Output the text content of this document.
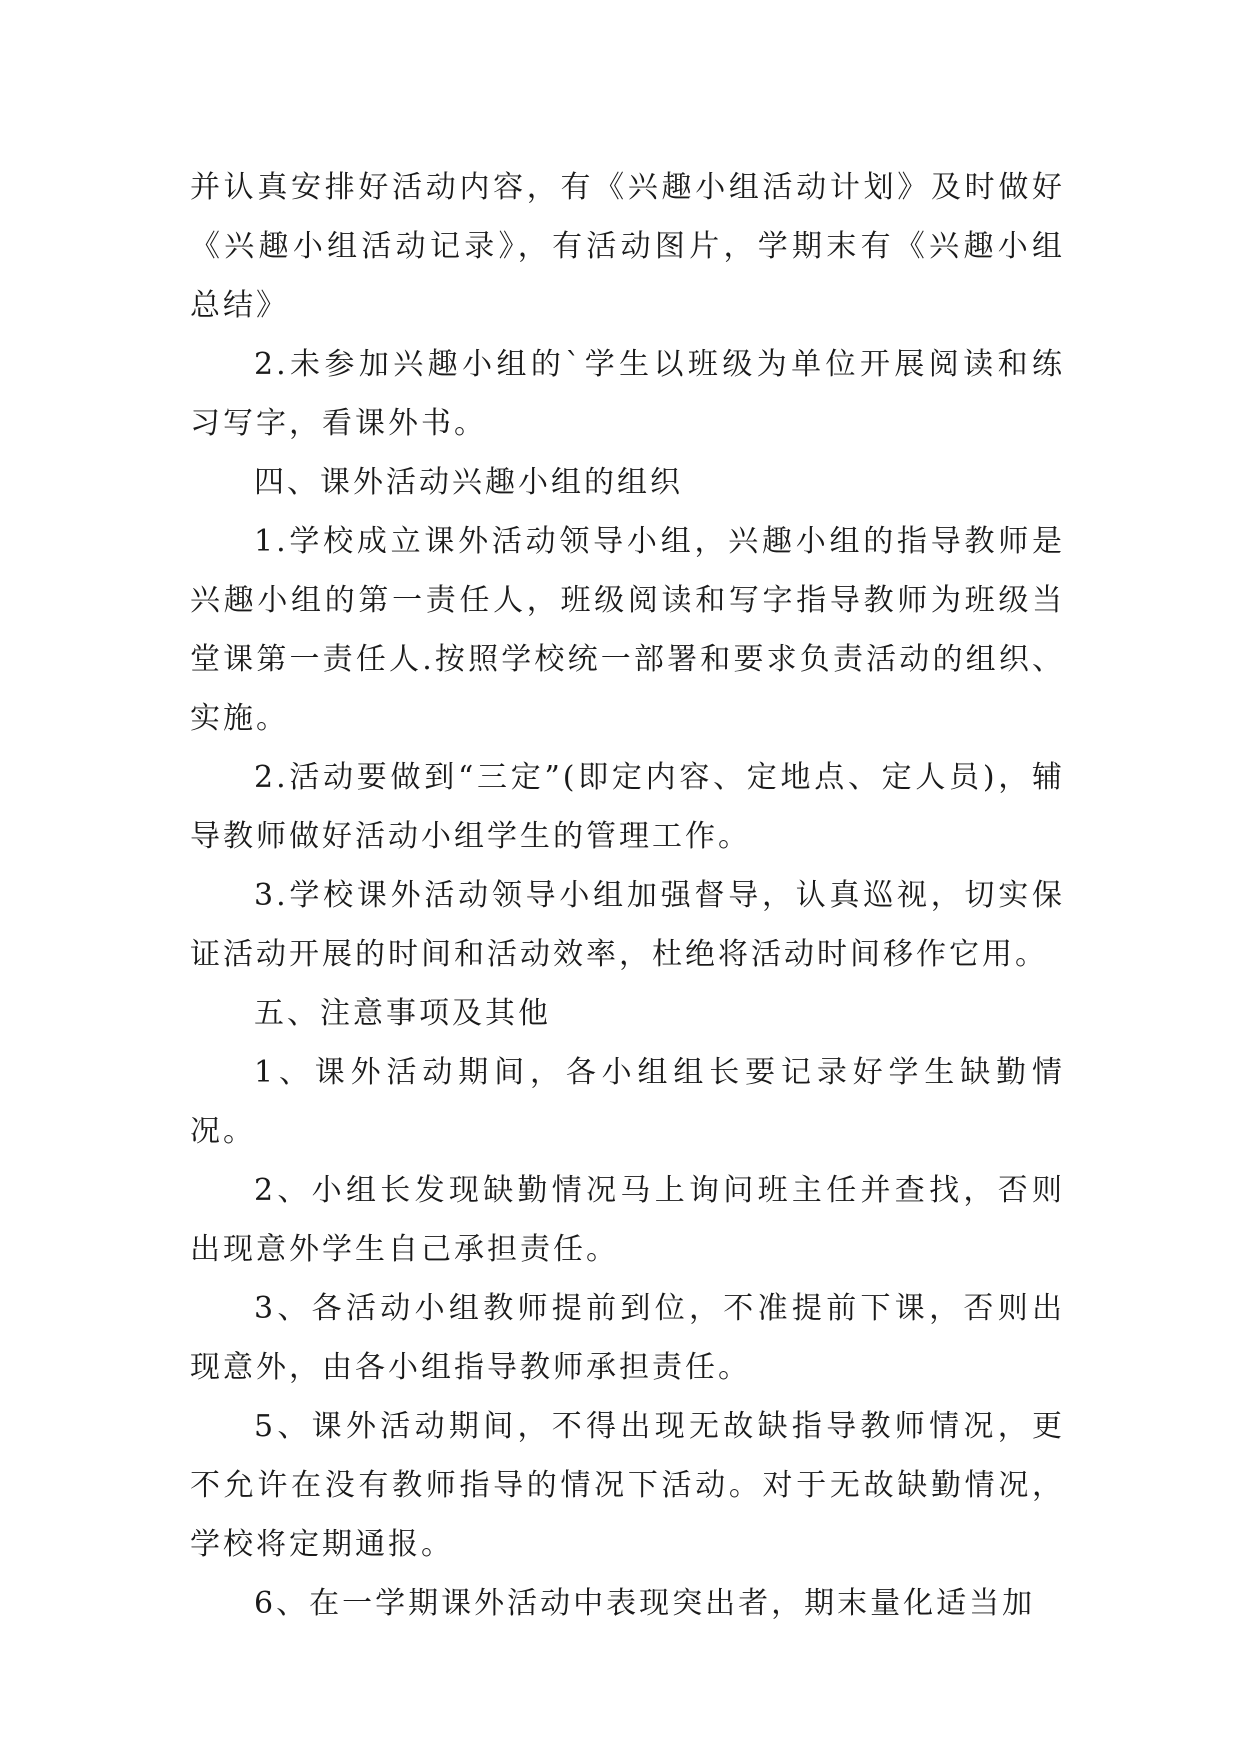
并认真安排好活动内容，有《兴趣小组活动计划》及时做好《兴趣小组活动记录》，有活动图片，学期末有《兴趣小组总结》

2.未参加兴趣小组的`学生以班级为单位开展阅读和练习写字，看课外书。

四、课外活动兴趣小组的组织

1.学校成立课外活动领导小组，兴趣小组的指导教师是兴趣小组的第一责任人，班级阅读和写字指导教师为班级当堂课第一责任人.按照学校统一部署和要求负责活动的组织、实施。

2.活动要做到“三定”(即定内容、定地点、定人员)，辅导教师做好活动小组学生的管理工作。

3.学校课外活动领导小组加强督导，认真巡视，切实保证活动开展的时间和活动效率，杜绝将活动时间移作它用。

五、注意事项及其他

1、课外活动期间，各小组组长要记录好学生缺勤情况。

2、小组长发现缺勤情况马上询问班主任并查找，否则出现意外学生自己承担责任。

3、各活动小组教师提前到位，不准提前下课，否则出现意外，由各小组指导教师承担责任。

5、课外活动期间，不得出现无故缺指导教师情况，更不允许在没有教师指导的情况下活动。对于无故缺勤情况，学校将定期通报。

6、在一学期课外活动中表现突出者，期末量化适当加
